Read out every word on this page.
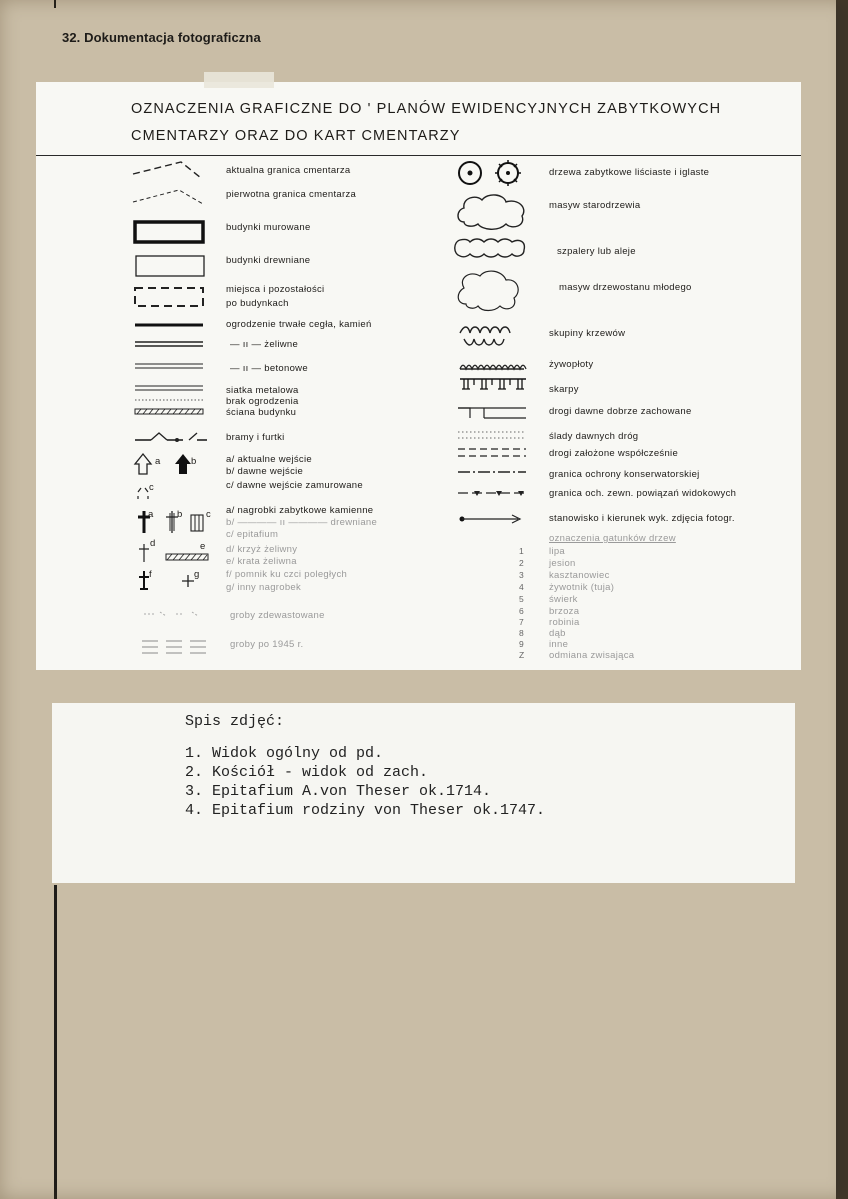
32. Dokumentacja fotograficzna
OZNACZENIA GRAFICZNE DO ' PLANÓW EWIDENCYJNYCH ZABYTKOWYCH
CMENTARZY ORAZ DO KART CMENTARZY
a	b
c
a b c
d	e
f	g
aktualna granica cmentarza
pierwotna granica cmentarza
budynki murowane
budynki drewniane
miejsca i pozostałości
po budynkach
ogrodzenie trwałe cegła, kamień
— ıı — żeliwne
— ıı — betonowe
siatka metalowa
brak ogrodzenia
ściana budynku
bramy i furtki
a/ aktualne wejście
b/ dawne wejście
c/ dawne wejście zamurowane
a/ nagrobki zabytkowe kamienne
b/ ———— ıı ———— drewniane
c/ epitafium
d/ krzyż żeliwny
e/ krata żeliwna
f/ pomnik ku czci poległych
g/ inny nagrobek
groby zdewastowane
groby po 1945 r.
drzewa zabytkowe liściaste i iglaste
masyw starodrzewia
szpalery lub aleje
masyw drzewostanu młodego
skupiny krzewów
żywopłoty
skarpy
drogi dawne dobrze zachowane
ślady dawnych dróg
drogi założone współcześnie
granica ochrony konserwatorskiej
granica och. zewn. powiązań widokowych
stanowisko i kierunek wyk. zdjęcia fotogr.
oznaczenia gatunków drzew
1	lipa
2	jesion
3	kasztanowiec
4	żywotnik (tuja)
5	świerk
6	brzoza
7	robinia
8	dąb
9	inne
Z	odmiana zwisająca
Spis zdjęć:
1. Widok ogólny od pd.
2. Kościół - widok od zach.
3. Epitafium A.von Theser ok.1714.
4. Epitafium rodziny von Theser ok.1747.
